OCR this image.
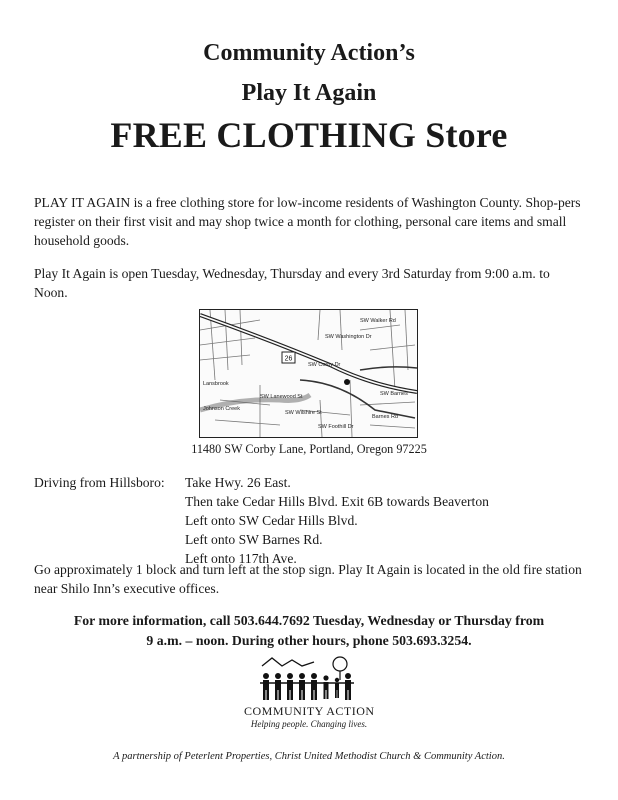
Community Action’s
Play It Again
FREE CLOTHING Store
PLAY IT AGAIN is a free clothing store for low-income residents of Washington County. Shop-pers register on their first visit and may shop twice a month for clothing, personal care items and small household goods.
Play It Again is open Tuesday, Wednesday, Thursday and every 3rd Saturday from 9:00 a.m. to Noon.
26
SW Washington Dr
SW Walker Rd
SW Corby Dr
SW Barnes
Lansbrook
SW Lanewood St
Johnson Creek
SW Foothill Dr
Barnes Rd
SW Wilshire St
11480 SW Corby Lane, Portland, Oregon 97225
Driving from Hillsboro: Take Hwy. 26 East.
Then take Cedar Hills Blvd. Exit 6B towards Beaverton
Left onto SW Cedar Hills Blvd.
Left onto SW Barnes Rd.
Left onto 117th Ave.
Go approximately 1 block and turn left at the stop sign. Play It Again is located in the old fire station near Shilo Inn’s executive offices.
For more information, call 503.644.7692 Tuesday, Wednesday or Thursday from
9 a.m. – noon. During other hours, phone 503.693.3254.
COMMUNITY ACTION
Helping people. Changing lives.
A partnership of Peterlent Properties, Christ United Methodist Church & Community Action.
